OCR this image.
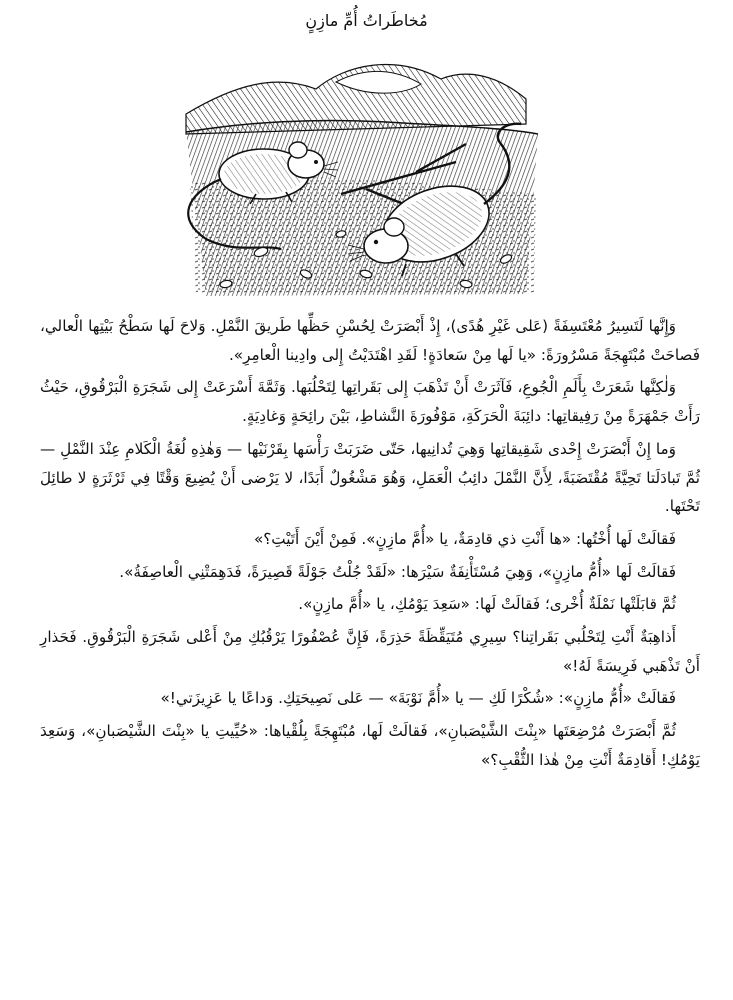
مُخاطَراتُ أُمِّ مازِنٍ

وَإِنَّها لَتَسِيرُ مُعْتَسِفَةً (عَلى غَيْرِ هُدًى)، إِذْ أَبْصَرَتْ لِحُسْنِ حَظِّها طَريقَ النَّمْلِ. وَلاحَ لَها سَطْحُ بَيْتِها الْعالي، فَصاحَتْ مُبْتَهِجَةً مَسْرُورَةً: «يا لَها مِنْ سَعادَةٍ! لَقَدِ اهْتَدَيْتُ إِلى وادِينا الْعامِرِ».

وَلٰكِنَّها شَعَرَتْ بِأَلَمِ الْجُوعِ، فَآثَرَتْ أَنْ تَذْهَبَ إِلى بَقَراتِها لِتَحْلُبَها. وَثَمَّةَ أَسْرَعَتْ إِلى شَجَرَةِ الْبَرْقُوقِ، حَيْثُ رَأَتْ جَمْهَرَةً مِنْ رَفِيقاتِها: دائِبَةَ الْحَرَكَةِ، مَوْفُورَةَ النَّشاطِ، بَيْنَ رائِحَةٍ وَغادِيَةٍ.

وَما إِنْ أَبْصَرَتْ إِحْدى شَقِيقاتِها وَهِيَ تُدانِيها، حَتّى ضَرَبَتْ رَأْسَها بِقَرْنَيْها — وَهٰذِهِ لُغَةُ الْكَلامِ عِنْدَ النَّمْلِ — ثُمَّ تَبادَلَتا تَحِيَّةً مُقْتَضَبَةً، لِأَنَّ النَّمْلَ دائِبُ الْعَمَلِ، وَهُوَ مَشْغُولٌ أَبَدًا، لا يَرْضى أَنْ يُضِيعَ وَقْتًا فِي ثَرْثَرَةٍ لا طائِلَ تَحْتَها.

فَقالَتْ لَها أُخْتُها: «ها أَنْتِ ذي قادِمَةٌ، يا «أُمَّ مازِنٍ». فَمِنْ أَيْنَ أَتَيْتِ؟»

فَقالَتْ لَها «أُمُّ مازِنٍ»، وَهِيَ مُسْتَأْنِفَةٌ سَيْرَها: «لَقَدْ جُلْتُ جَوْلَةً قَصِيرَةً، فَدَهِمَتْنِي الْعاصِفَةُ».

ثُمَّ قابَلَتْها نَمْلَةٌ أُخْرى؛ فَقالَتْ لَها: «سَعِدَ يَوْمُكِ، يا «أُمَّ مازِنٍ».

أَذاهِبَةٌ أَنْتِ لِتَحْلُبي بَقَراتِنا؟ سِيرِي مُتَيَقِّظَةً حَذِرَةً، فَإِنَّ عُصْفُورًا يَرْقُبُكِ مِنْ أَعْلى شَجَرَةِ الْبَرْقُوقِ. فَحَذارِ أَنْ تَذْهَبي فَرِيسَةً لَهُ!»

فَقالَتْ «أُمُّ مازِنٍ»: «شُكْرًا لَكِ — يا «أُمَّ نَوْبَةَ» — عَلى نَصِيحَتِكِ. وَداعًا يا عَزِيزَتي!»

ثُمَّ أَبْصَرَتْ مُرْضِعَتَها «بِنْتَ الشَّيْصَبانِ»، فَقالَتْ لَها، مُبْتَهِجَةً بِلُقْياها: «حُيِّيتِ يا «بِنْتَ الشَّيْصَبانِ»، وَسَعِدَ يَوْمُكِ! أَقادِمَةٌ أَنْتِ مِنْ هٰذا الثُّقْبِ؟»
